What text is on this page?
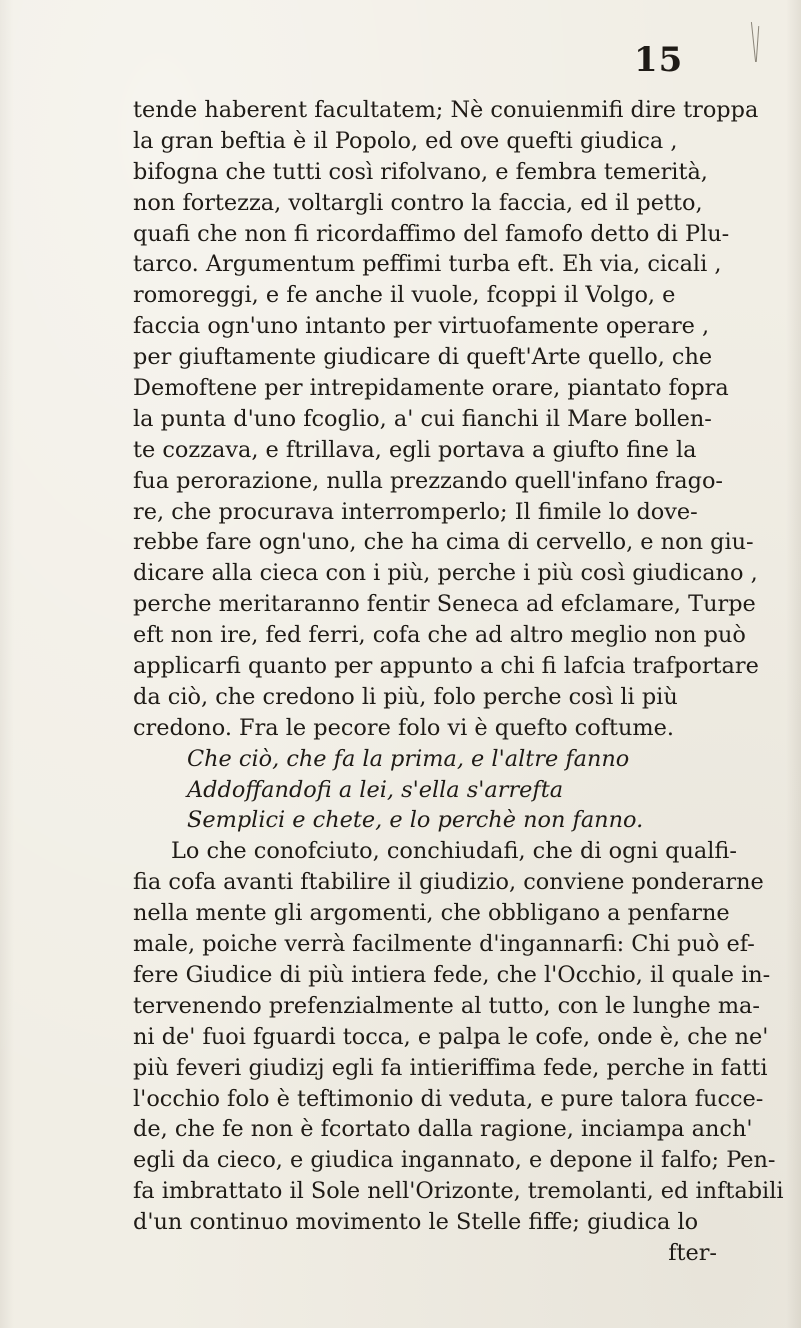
15
tende haberent facultatem; Nè conuienmifi dire troppa
la gran beftia è il Popolo, ed ove quefti giudica ,
bifogna che tutti così rifolvano, e fembra temerità,
non fortezza, voltargli contro la faccia, ed il petto,
quafi che non fi ricordaffimo del famofo detto di Plu-
tarco. Argumentum peffimi turba eft. Eh via, cicali ,
romoreggi, e fe anche il vuole, fcoppi il Volgo, e
faccia ogn'uno intanto per virtuofamente operare ,
per giuftamente giudicare di queft'Arte quello, che
Demoftene per intrepidamente orare, piantato fopra
la punta d'uno fcoglio, a' cui fianchi il Mare bollen-
te cozzava, e ftrillava, egli portava a giufto fine la
fua perorazione, nulla prezzando quell'infano frago-
re, che procurava interromperlo; Il fimile lo dove-
rebbe fare ogn'uno, che ha cima di cervello, e non giu-
dicare alla cieca con i più, perche i più così giudicano ,
perche meritaranno fentir Seneca ad efclamare, Turpe
eft non ire, fed ferri, cofa che ad altro meglio non può
applicarfi quanto per appunto a chi fi lafcia trafportare
da ciò, che credono li più, folo perche così li più
credono. Fra le pecore folo vi è quefto coftume.
Che ciò, che fa la prima, e l'altre fanno
Addoffandofi a lei, s'ella s'arrefta
Semplici e chete, e lo perchè non fanno.
Lo che conofciuto, conchiudafi, che di ogni qualfi-
fia cofa avanti ftabilire il giudizio, conviene ponderarne
nella mente gli argomenti, che obbligano a penfarne
male, poiche verrà facilmente d'ingannarfi: Chi può ef-
fere Giudice di più intiera fede, che l'Occhio, il quale in-
tervenendo prefenzialmente al tutto, con le lunghe ma-
ni de' fuoi fguardi tocca, e palpa le cofe, onde è, che ne'
più feveri giudizj egli fa intieriffima fede, perche in fatti
l'occhio folo è teftimonio di veduta, e pure talora fucce-
de, che fe non è fcortato dalla ragione, inciampa anch'
egli da cieco, e giudica ingannato, e depone il falfo; Pen-
fa imbrattato il Sole nell'Orizonte, tremolanti, ed inftabili
d'un continuo movimento le Stelle fiffe; giudica lo
fter-
